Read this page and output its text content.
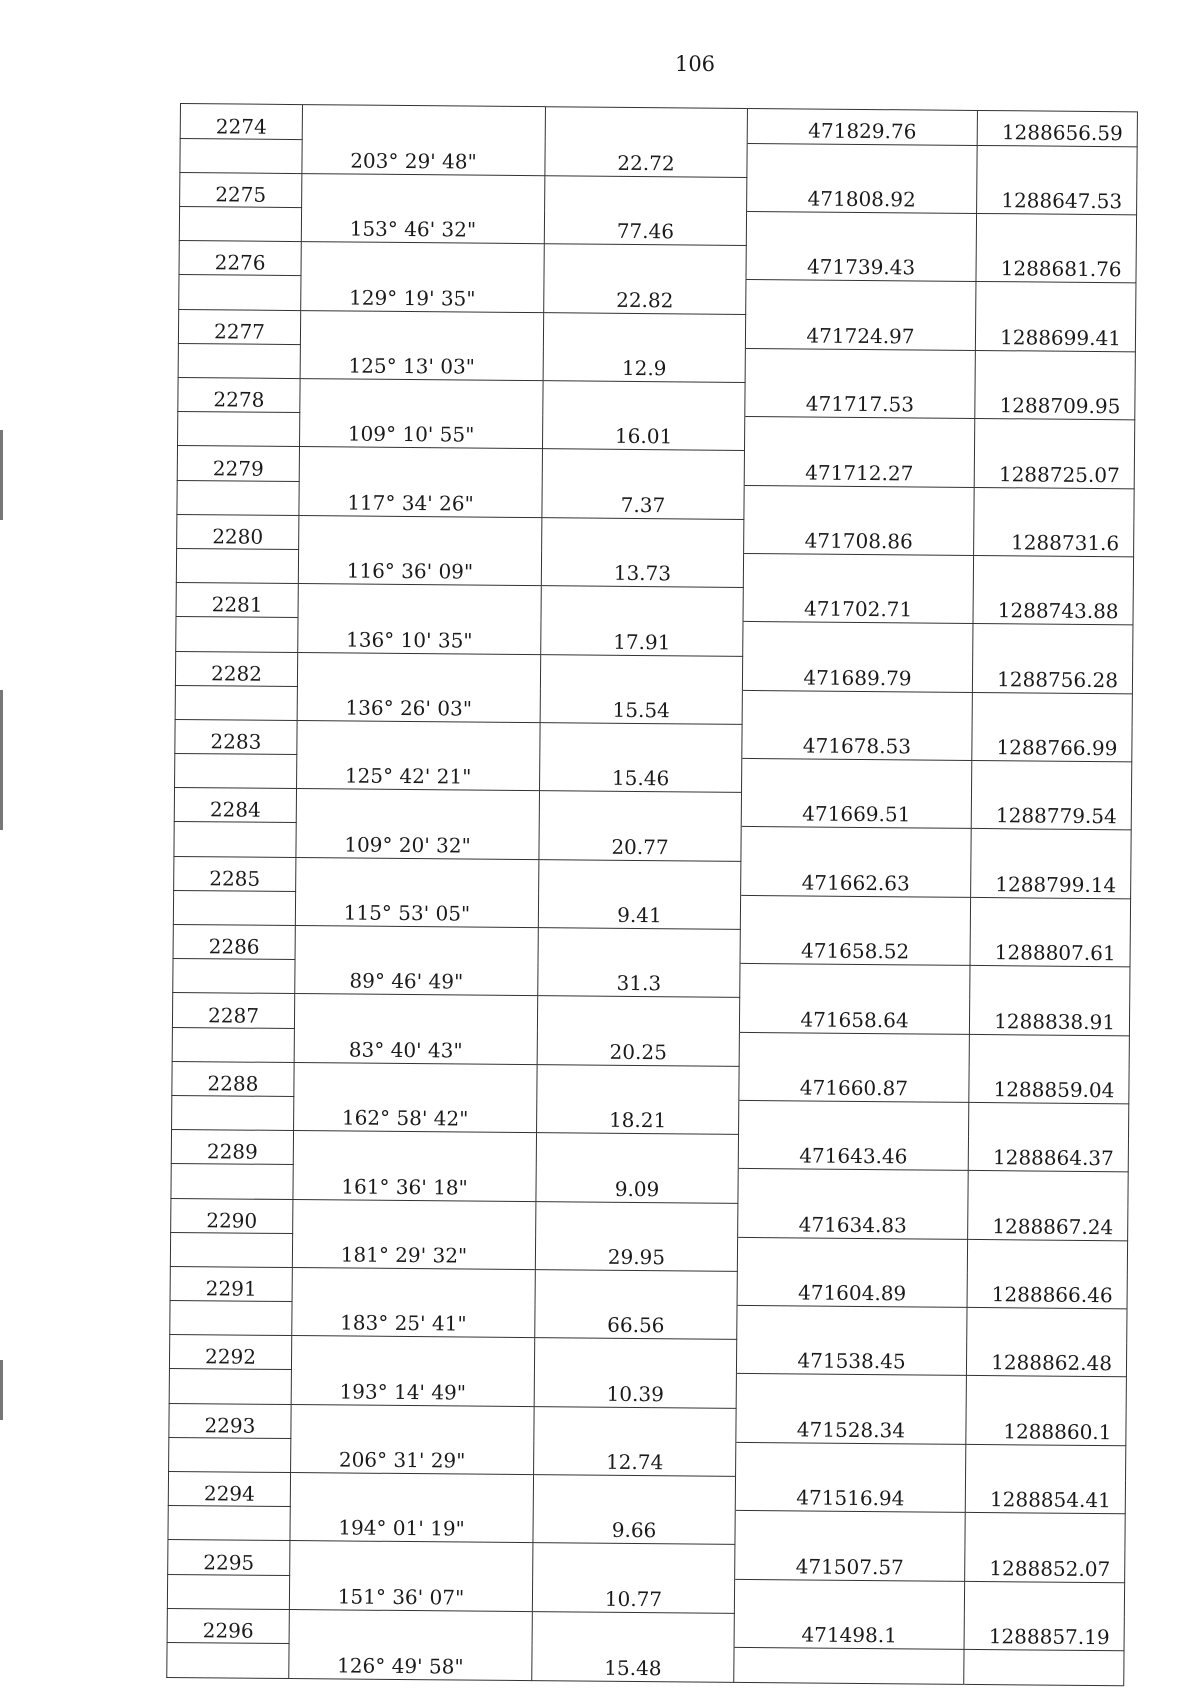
106
2274			471829.76	1288656.59
	203° 29' 48"	22.72		
2275			471808.92	1288647.53
	153° 46' 32"	77.46		
2276			471739.43	1288681.76
	129° 19' 35"	22.82		
2277			471724.97	1288699.41
	125° 13' 03"	12.9		
2278			471717.53	1288709.95
	109° 10' 55"	16.01		
2279			471712.27	1288725.07
	117° 34' 26"	7.37		
2280			471708.86	1288731.6
	116° 36' 09"	13.73		
2281			471702.71	1288743.88
	136° 10' 35"	17.91		
2282			471689.79	1288756.28
	136° 26' 03"	15.54		
2283			471678.53	1288766.99
	125° 42' 21"	15.46		
2284			471669.51	1288779.54
	109° 20' 32"	20.77		
2285			471662.63	1288799.14
	115° 53' 05"	9.41		
2286			471658.52	1288807.61
	89° 46' 49"	31.3		
2287			471658.64	1288838.91
	83° 40' 43"	20.25		
2288			471660.87	1288859.04
	162° 58' 42"	18.21		
2289			471643.46	1288864.37
	161° 36' 18"	9.09		
2290			471634.83	1288867.24
	181° 29' 32"	29.95		
2291			471604.89	1288866.46
	183° 25' 41"	66.56		
2292			471538.45	1288862.48
	193° 14' 49"	10.39		
2293			471528.34	1288860.1
	206° 31' 29"	12.74		
2294			471516.94	1288854.41
	194° 01' 19"	9.66		
2295			471507.57	1288852.07
	151° 36' 07"	10.77		
2296			471498.1	1288857.19
	126° 49' 58"	15.48		
